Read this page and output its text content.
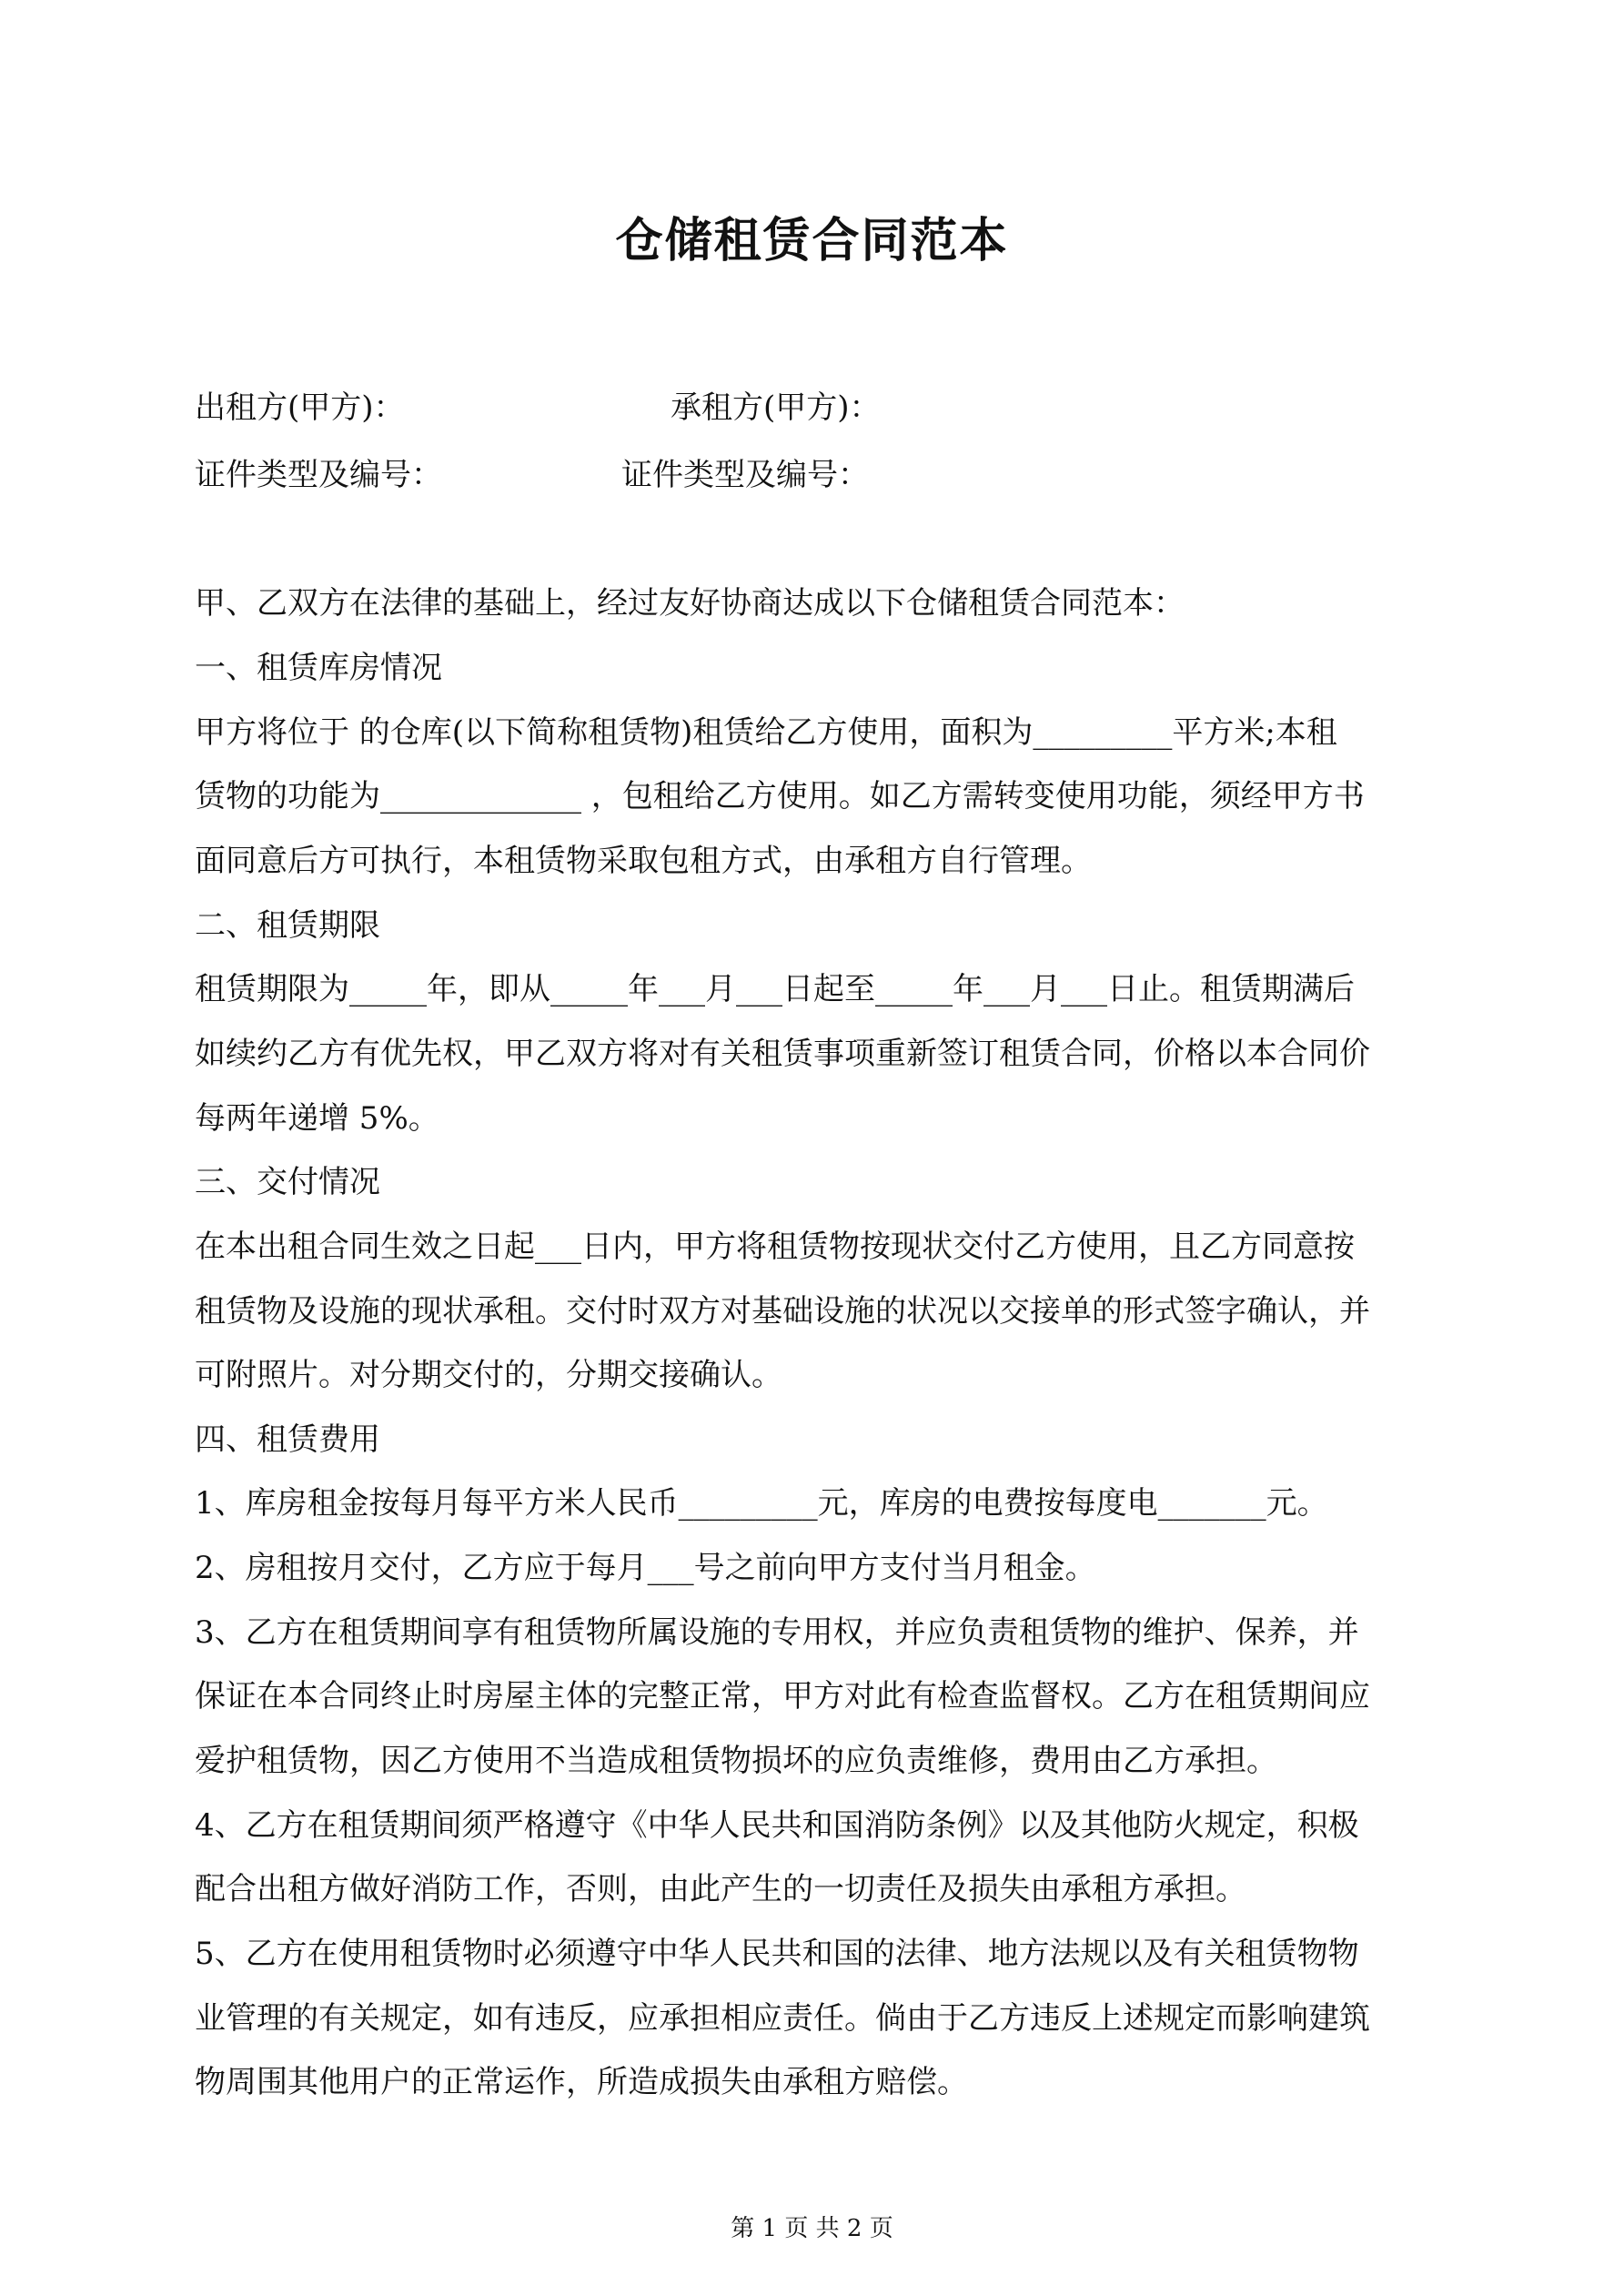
仓储租赁合同范本
出租方(甲方)：	承租方(甲方)：
证件类型及编号：	证件类型及编号：
甲、乙双方在法律的基础上，经过友好协商达成以下仓储租赁合同范本：
一、租赁库房情况
甲方将位于 的仓库(以下简称租赁物)租赁给乙方使用，面积为_________平方米;本租
赁物的功能为_____________ ，包租给乙方使用。如乙方需转变使用功能，须经甲方书
面同意后方可执行，本租赁物采取包租方式，由承租方自行管理。
二、租赁期限
租赁期限为_____年，即从_____年___月___日起至_____年___月___日止。租赁期满后
如续约乙方有优先权，甲乙双方将对有关租赁事项重新签订租赁合同，价格以本合同价
每两年递增 5%。
三、交付情况
在本出租合同生效之日起___日内，甲方将租赁物按现状交付乙方使用，且乙方同意按
租赁物及设施的现状承租。交付时双方对基础设施的状况以交接单的形式签字确认，并
可附照片。对分期交付的，分期交接确认。
四、租赁费用
1、库房租金按每月每平方米人民币_________元，库房的电费按每度电_______元。
2、房租按月交付，乙方应于每月___号之前向甲方支付当月租金。
3、乙方在租赁期间享有租赁物所属设施的专用权，并应负责租赁物的维护、保养，并
保证在本合同终止时房屋主体的完整正常，甲方对此有检查监督权。乙方在租赁期间应
爱护租赁物，因乙方使用不当造成租赁物损坏的应负责维修，费用由乙方承担。
4、乙方在租赁期间须严格遵守《中华人民共和国消防条例》以及其他防火规定，积极
配合出租方做好消防工作，否则，由此产生的一切责任及损失由承租方承担。
5、乙方在使用租赁物时必须遵守中华人民共和国的法律、地方法规以及有关租赁物物
业管理的有关规定，如有违反，应承担相应责任。倘由于乙方违反上述规定而影响建筑
物周围其他用户的正常运作，所造成损失由承租方赔偿。
第 1 页 共 2 页
